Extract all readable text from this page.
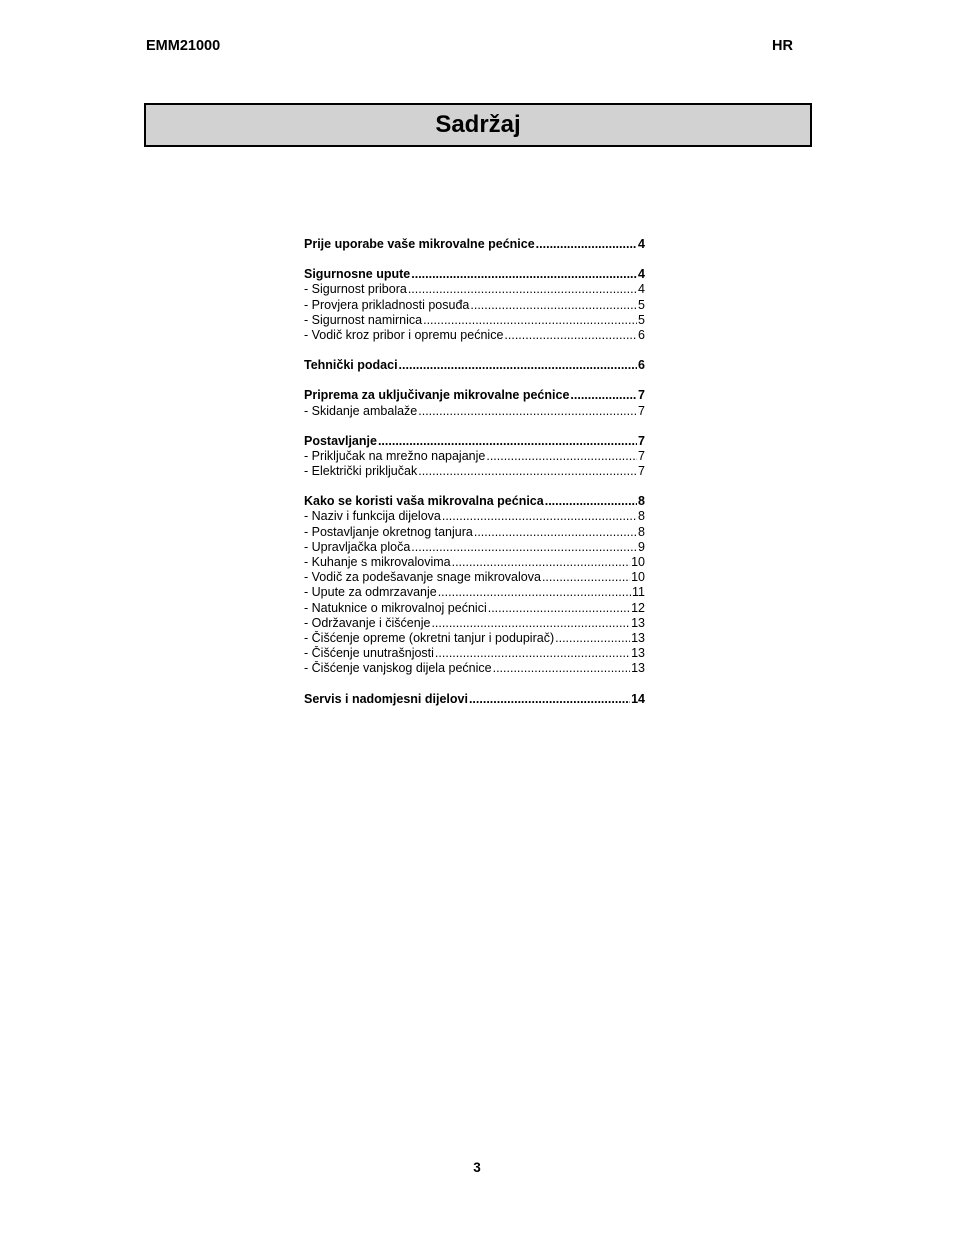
EMM21000	HR
Sadržaj
Prije uporabe vaše mikrovalne pećnice .....	4
Sigurnosne upute .....	4
- Sigurnost pribora .....	4
- Provjera prikladnosti posuđa .....	5
- Sigurnost namirnica .....	5
- Vodič kroz pribor i opremu pećnice .....	6
Tehnički podaci .....	6
Priprema za uključivanje mikrovalne pećnice .....	7
- Skidanje ambalaže .....	7
Postavljanje .....	7
- Priključak na mrežno napajanje .....	7
- Električki priključak .....	7
Kako se koristi vaša mikrovalna pećnica .....	8
- Naziv i funkcija dijelova .....	8
- Postavljanje okretnog tanjura .....	8
- Upravljačka ploča .....	9
- Kuhanje s mikrovalovima .....	10
- Vodič za podešavanje snage mikrovalova .....	10
- Upute za odmrzavanje .....	11
- Natuknice o mikrovalnoj pećnici .....	12
- Održavanje i čišćenje .....	13
- Čišćenje opreme (okretni tanjur i podupirač) .....	13
- Čišćenje unutrašnjosti .....	13
- Čišćenje vanjskog dijela pećnice .....	13
Servis i nadomjesni dijelovi .....	14
3
